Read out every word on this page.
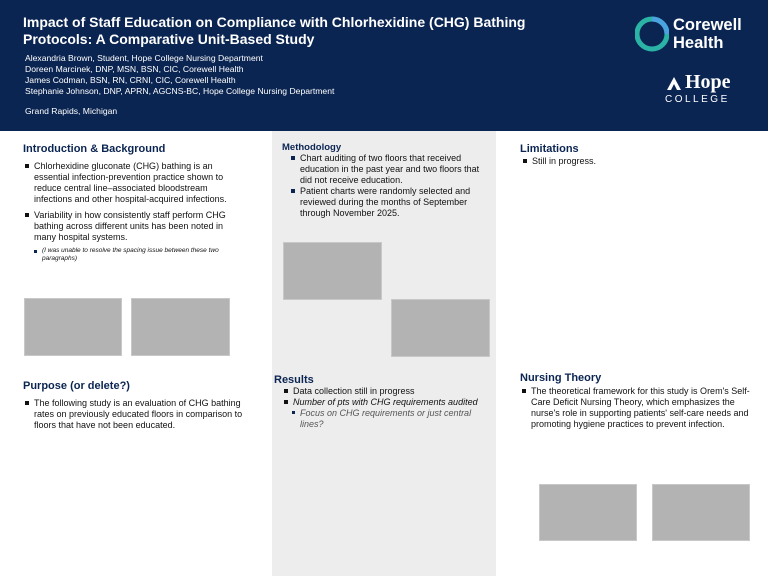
Impact of Staff Education on Compliance with Chlorhexidine (CHG) Bathing Protocols: A Comparative Unit-Based Study
Alexandria Brown, Student, Hope College Nursing Department
Doreen Marcinek, DNP, MSN, BSN, CIC, Corewell Health
James Codman, BSN, RN, CRNI, CIC, Corewell Health
Stephanie Johnson, DNP, APRN, AGCNS-BC, Hope College Nursing Department
Grand Rapids, Michigan
Corewell
Health
Hope
COLLEGE
Introduction & Background
Chlorhexidine gluconate (CHG) bathing is an essential infection-prevention practice shown to reduce central line–associated bloodstream infections and other hospital-acquired infections.
Variability in how consistently staff perform CHG bathing across different units has been noted in many hospital systems.
(I was unable to resolve the spacing issue between these two paragraphs)
Methodology
Chart auditing of two floors that received education in the past year and two floors that did not receive education.
Patient charts were randomly selected and reviewed during the months of September through November 2025.
Limitations
Still in progress.
Purpose (or delete?)
The following study is an evaluation of CHG bathing rates on previously educated floors in comparison to floors that have not been educated.
Results
Data collection still in progress
Number of pts with CHG requirements audited
Focus on CHG requirements or just central lines?
Nursing Theory
The theoretical framework for this study is Orem's Self-Care Deficit Nursing Theory, which emphasizes the nurse's role in supporting patients' self-care needs and promoting hygiene practices to prevent infection.
